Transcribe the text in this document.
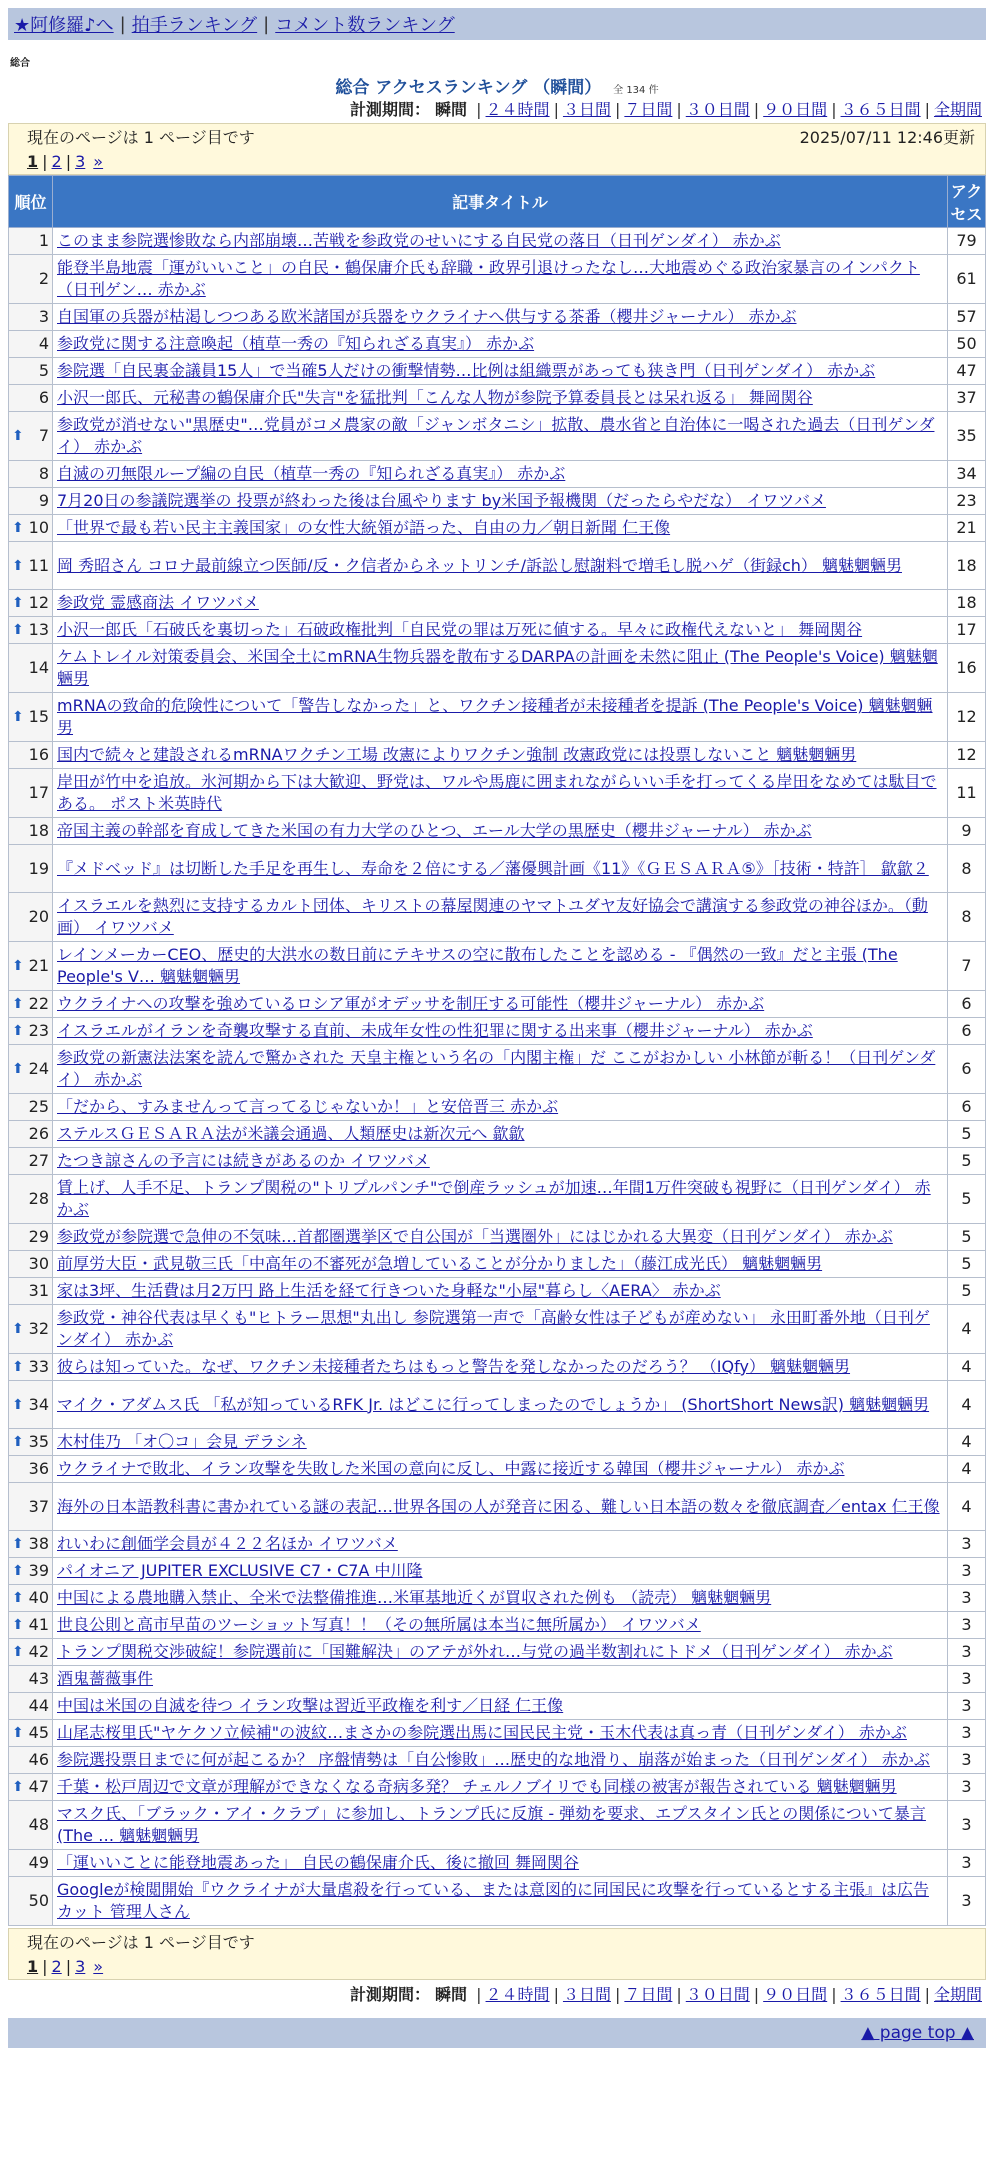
★阿修羅♪へ | 拍手ランキング | コメント数ランキング
総合
総合 アクセスランキング （瞬間） 全 134 件
計測期間： 瞬間 | ２４時間 | ３日間 | ７日間 | ３０日間 | ９０日間 | ３６５日間 | 全期間
現在のページは 1 ページ目です	2025/07/11 12:46更新
1 | 2 | 3 »
順位	記事タイトル	アクセス
1	このまま参院選惨敗なら内部崩壊…苦戦を参政党のせいにする自民党の落日（日刊ゲンダイ） 赤かぶ	79
2	能登半島地震「運がいいこと」の自民・鶴保庸介氏も辞職・政界引退けったなし…大地震めぐる政治家暴言のインパクト（日刊ゲン… 赤かぶ	61
3	自国軍の兵器が枯渇しつつある欧米諸国が兵器をウクライナへ供与する茶番（櫻井ジャーナル） 赤かぶ	57
4	参政党に関する注意喚起（植草一秀の『知られざる真実』） 赤かぶ	50
5	参院選「自民裏金議員15人」で当確5人だけの衝撃情勢…比例は組織票があっても狭き門（日刊ゲンダイ） 赤かぶ	47
6	小沢一郎氏、元秘書の鶴保庸介氏"失言"を猛批判「こんな人物が参院予算委員長とは呆れ返る」 舞岡関谷	37

⬆ 7	参政党が消せない"黒歴史"…党員がコメ農家の敵「ジャンボタニシ」拡散、農水省と自治体に一喝された過去（日刊ゲンダイ） 赤かぶ	35
8	自滅の刃無限ループ編の自民（植草一秀の『知られざる真実』） 赤かぶ	34
9	7月20日の参議院選挙の 投票が終わった後は台風やります by米国予報機関（だったらやだな） イワツバメ	23

⬆ 10	「世界で最も若い民主主義国家」の女性大統領が語った、自由の力／朝日新聞 仁王像	21

⬆ 11	岡 秀昭さん コロナ最前線立つ医師/反・ク信者からネットリンチ/訴訟し慰謝料で増毛し脱ハゲ（街録ch） 魑魅魍魎男	18

⬆ 12	参政党 霊感商法 イワツバメ	18

⬆ 13	小沢一郎氏「石破氏を裏切った」石破政権批判「自民党の罪は万死に値する。早々に政権代えないと」 舞岡関谷	17
14	ケムトレイル対策委員会、米国全土にmRNA生物兵器を散布するDARPAの計画を未然に阻止 (The People's Voice) 魑魅魍魎男	16

⬆ 15	mRNAの致命的危険性について「警告しなかった」と、ワクチン接種者が未接種者を提訴 (The People's Voice) 魑魅魍魎男	12
16	国内で続々と建設されるmRNAワクチン工場 改憲によりワクチン強制 改憲政党には投票しないこと 魑魅魍魎男	12
17	岸田が竹中を追放。氷河期から下は大歓迎、野党は、ワルや馬鹿に囲まれながらいい手を打ってくる岸田をなめては駄目である。 ポスト米英時代	11
18	帝国主義の幹部を育成してきた米国の有力大学のひとつ、エール大学の黒歴史（櫻井ジャーナル） 赤かぶ	9
19	『メドベッド』は切断した手足を再生し、寿命を２倍にする／藩優興計画《11》《ＧＥＳＡＲＡ⑤》［技術・特許］ 歙歙２	8
20	イスラエルを熱烈に支持するカルト団体、キリストの幕屋関連のヤマトユダヤ友好協会で講演する参政党の神谷ほか。（動画） イワツバメ	8

⬆ 21	レインメーカーCEO、歴史的大洪水の数日前にテキサスの空に散布したことを認める - 『偶然の一致』だと主張 (The People's V… 魑魅魍魎男	7

⬆ 22	ウクライナへの攻撃を強めているロシア軍がオデッサを制圧する可能性（櫻井ジャーナル） 赤かぶ	6

⬆ 23	イスラエルがイランを奇襲攻撃する直前、未成年女性の性犯罪に関する出来事（櫻井ジャーナル） 赤かぶ	6

⬆ 24	参政党の新憲法法案を読んで驚かされた 天皇主権という名の「内閣主権」だ ここがおかしい 小林節が斬る！（日刊ゲンダイ） 赤かぶ	6
25	「だから、すみませんって言ってるじゃないか！」と安倍晋三 赤かぶ	6
26	ステルスＧＥＳＡＲＡ法が米議会通過、人類歴史は新次元へ 歙歙	5
27	たつき諒さんの予言には続きがあるのか イワツバメ	5
28	賃上げ、人手不足、トランプ関税の"トリプルパンチ"で倒産ラッシュが加速…年間1万件突破も視野に（日刊ゲンダイ） 赤かぶ	5
29	参政党が参院選で急伸の不気味…首都圏選挙区で自公国が「当選圏外」にはじかれる大異変（日刊ゲンダイ） 赤かぶ	5
30	前厚労大臣・武見敬三氏「中高年の不審死が急増していることが分かりました」（藤江成光氏） 魑魅魍魎男	5
31	家は3坪、生活費は月2万円 路上生活を経て行きついた身軽な"小屋"暮らし〈AERA〉 赤かぶ	5

⬆ 32	参政党・神谷代表は早くも"ヒトラー思想"丸出し 参院選第一声で「高齢女性は子どもが産めない」 永田町番外地（日刊ゲンダイ） 赤かぶ	4

⬆ 33	彼らは知っていた。なぜ、ワクチン未接種者たちはもっと警告を発しなかったのだろう？ （IQfy） 魑魅魍魎男	4

⬆ 34	マイク・アダムス氏 「私が知っているRFK Jr. はどこに行ってしまったのでしょうか」 (ShortShort News訳) 魑魅魍魎男	4

⬆ 35	木村佳乃 「オ〇コ」会見 デラシネ	4
36	ウクライナで敗北、イラン攻撃を失敗した米国の意向に反し、中露に接近する韓国（櫻井ジャーナル） 赤かぶ	4
37	海外の日本語教科書に書かれている謎の表記…世界各国の人が発音に困る、難しい日本語の数々を徹底調査／entax 仁王像	4

⬆ 38	れいわに創価学会員が４２２名ほか イワツバメ	3

⬆ 39	パイオニア JUPITER EXCLUSIVE C7・C7A 中川隆	3

⬆ 40	中国による農地購入禁止、全米で法整備推進…米軍基地近くが買収された例も （読売） 魑魅魍魎男	3

⬆ 41	世良公則と高市早苗のツーショット写真！！（その無所属は本当に無所属か） イワツバメ	3

⬆ 42	トランプ関税交渉破綻！参院選前に「国難解決」のアテが外れ…与党の過半数割れにトドメ（日刊ゲンダイ） 赤かぶ	3
43	酒鬼薔薇事件	3
44	中国は米国の自滅を待つ イラン攻撃は習近平政権を利す／日経 仁王像	3

⬆ 45	山尾志桜里氏"ヤケクソ立候補"の波紋…まさかの参院選出馬に国民民主党・玉木代表は真っ青（日刊ゲンダイ） 赤かぶ	3
46	参院選投票日までに何が起こるか？ 序盤情勢は「自公惨敗」…歴史的な地滑り、崩落が始まった（日刊ゲンダイ） 赤かぶ	3

⬆ 47	千葉・松戸周辺で文章が理解ができなくなる奇病多発？ チェルノブイリでも同様の被害が報告されている 魑魅魍魎男	3
48	マスク氏、「ブラック・アイ・クラブ」に参加し、トランプ氏に反旗 - 弾劾を要求、エプスタイン氏との関係について暴言 (The … 魑魅魍魎男	3
49	「運いいことに能登地震あった」 自民の鶴保庸介氏、後に撤回 舞岡関谷	3
50	Googleが検閲開始『ウクライナが大量虐殺を行っている、または意図的に同国民に攻撃を行っているとする主張』は広告カット 管理人さん	3
現在のページは 1 ページ目です
1 | 2 | 3 »
計測期間： 瞬間 | ２４時間 | ３日間 | ７日間 | ３０日間 | ９０日間 | ３６５日間 | 全期間
▲ page top ▲
